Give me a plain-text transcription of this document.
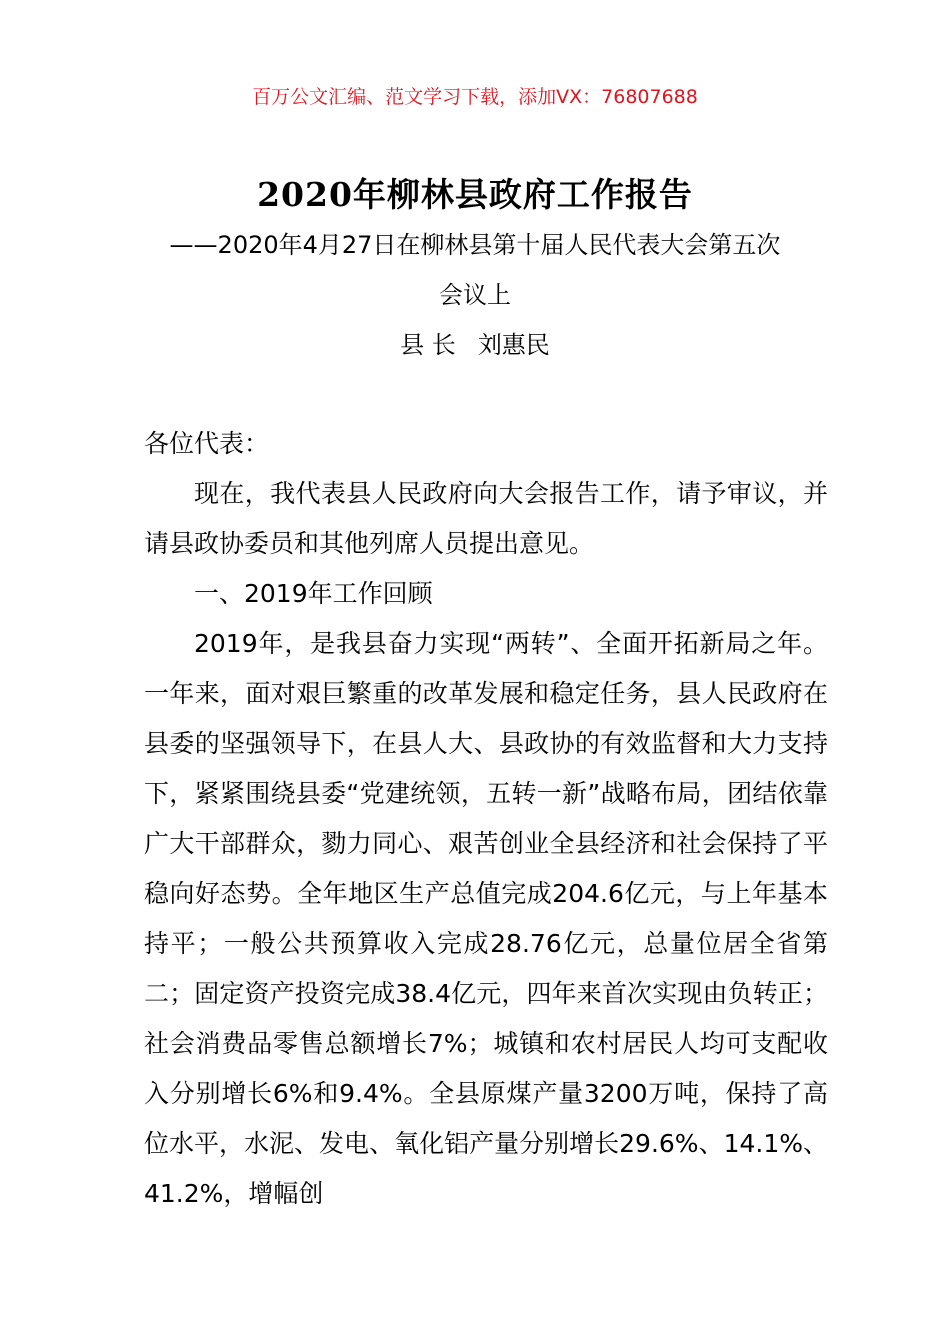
百万公文汇编、范文学习下载，添加VX：76807688
2020年柳林县政府工作报告
——2020年4月27日在柳林县第十届人民代表大会第五次
会议上
县 长 刘惠民

各位代表：

现在，我代表县人民政府向大会报告工作，请予审议，并请县政协委员和其他列席人员提出意见。

一、2019年工作回顾

2019年，是我县奋力实现“两转”、全面开拓新局之年。一年来，面对艰巨繁重的改革发展和稳定任务，县人民政府在县委的坚强领导下，在县人大、县政协的有效监督和大力支持下，紧紧围绕县委“党建统领，五转一新”战略布局，团结依靠广大干部群众，勠力同心、艰苦创业全县经济和社会保持了平稳向好态势。全年地区生产总值完成204.6亿元，与上年基本持平；一般公共预算收入完成28.76亿元，总量位居全省第二；固定资产投资完成38.4亿元，四年来首次实现由负转正；社会消费品零售总额增长7%；城镇和农村居民人均可支配收入分别增长6%和9.4%。全县原煤产量3200万吨，保持了高位水平，水泥、发电、氧化铝产量分别增长29.6%、14.1%、41.2%，增幅创
